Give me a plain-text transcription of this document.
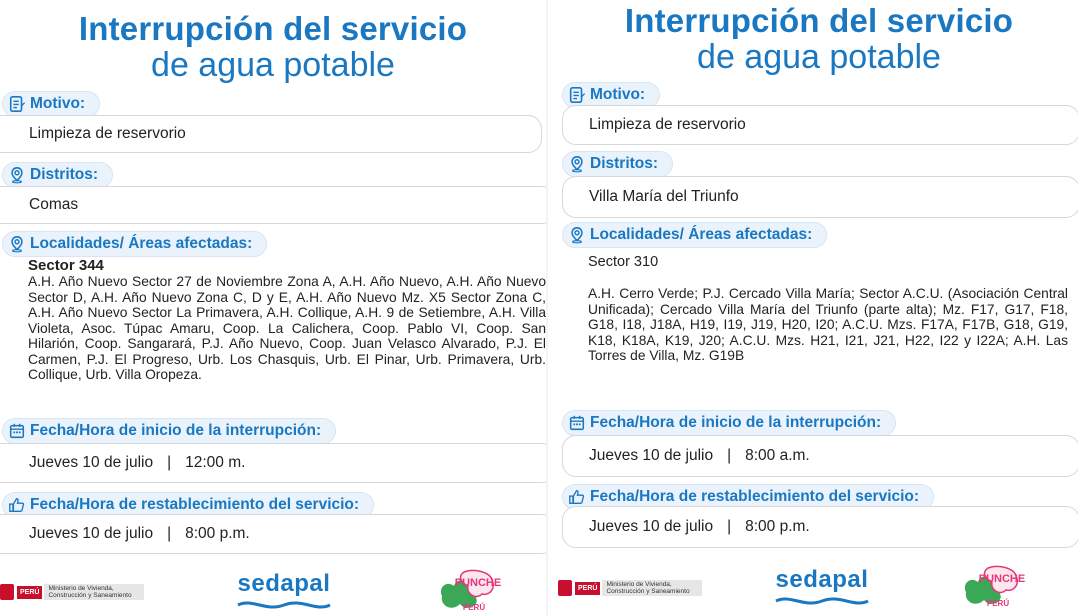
Interrupción del servicio
de agua potable
Motivo:
Limpieza de reservorio
Distritos:
Comas
Localidades/ Áreas afectadas:
Sector 344
A.H. Año Nuevo Sector 27 de Noviembre Zona A, A.H. Año Nuevo, A.H. Año Nuevo Sector D, A.H. Año Nuevo Zona C, D y E, A.H. Año Nuevo Mz. X5 Sector Zona C, A.H. Año Nuevo Sector La Primavera, A.H. Collique, A.H. 9 de Setiembre, A.H. Villa Violeta, Asoc. Túpac Amaru, Coop. La Calichera, Coop. Pablo VI, Coop. San Hilarión, Coop. Sangarará, P.J. Año Nuevo, Coop. Juan Velasco Alvarado, P.J. El Carmen, P.J. El Progreso, Urb. Los Chasquis, Urb. El Pinar, Urb. Primavera, Urb. Collique, Urb. Villa Oropeza.
Fecha/Hora de inicio de la interrupción:
Jueves 10 de julio | 12:00 m.
Fecha/Hora de restablecimiento del servicio:
Jueves 10 de julio | 8:00 p.m.
PERÚ	Ministerio de Vivienda, Construcción y Saneamiento	sedapal	PUNCHE
PERÚ
Interrupción del servicio
de agua potable
Motivo:
Limpieza de reservorio
Distritos:
Villa María del Triunfo
Localidades/ Áreas afectadas:
Sector 310
A.H. Cerro Verde; P.J. Cercado Villa María; Sector A.C.U. (Asociación Central Unificada); Cercado Villa María del Triunfo (parte alta); Mz. F17, G17, F18, G18, I18, J18A, H19, I19, J19, H20, I20; A.C.U. Mzs. F17A, F17B, G18, G19, K18, K18A, K19, J20; A.C.U. Mzs. H21, I21, J21, H22, I22 y I22A; A.H. Las Torres de Villa, Mz. G19B
Fecha/Hora de inicio de la interrupción:
Jueves 10 de julio | 8:00 a.m.
Fecha/Hora de restablecimiento del servicio:
Jueves 10 de julio | 8:00 p.m.
PERÚ	Ministerio de Vivienda, Construcción y Saneamiento	sedapal	PUNCHE
PERÚ
